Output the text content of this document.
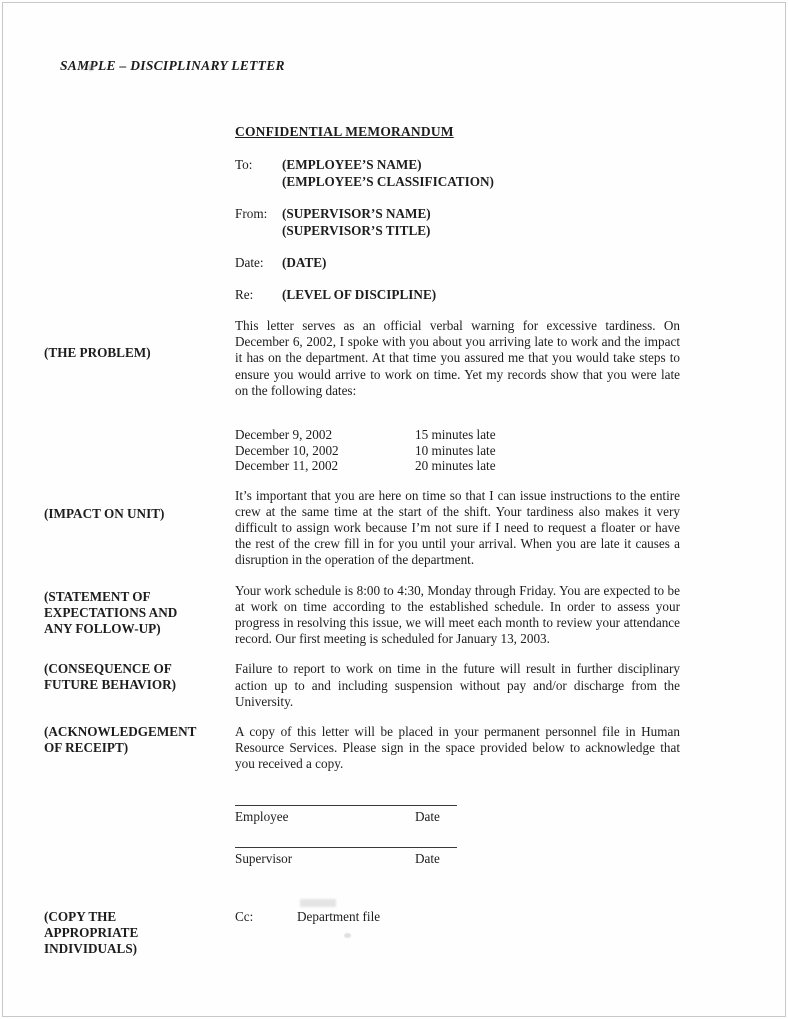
SAMPLE – DISCIPLINARY LETTER
CONFIDENTIAL MEMORANDUM
To:	(EMPLOYEE’S NAME)
(EMPLOYEE’S CLASSIFICATION)
From:	(SUPERVISOR’S NAME)
(SUPERVISOR’S TITLE)
Date:	(DATE)
Re:	(LEVEL OF DISCIPLINE)
(THE PROBLEM)
This letter serves as an official verbal warning for excessive tardiness. On December 6, 2002, I spoke with you about you arriving late to work and the impact it has on the department. At that time you assured me that you would take steps to ensure you would arrive to work on time. Yet my records show that you were late on the following dates:
December 9, 2002	15 minutes late
December 10, 2002	10 minutes late
December 11, 2002	20 minutes late
(IMPACT ON UNIT)
It’s important that you are here on time so that I can issue instructions to the entire crew at the same time at the start of the shift. Your tardiness also makes it very difficult to assign work because I’m not sure if I need to request a floater or have the rest of the crew fill in for you until your arrival. When you are late it causes a disruption in the operation of the department.
(STATEMENT OF
EXPECTATIONS AND
ANY FOLLOW-UP)
Your work schedule is 8:00 to 4:30, Monday through Friday. You are expected to be at work on time according to the established schedule. In order to assess your progress in resolving this issue, we will meet each month to review your attendance record. Our first meeting is scheduled for January 13, 2003.
(CONSEQUENCE OF
FUTURE BEHAVIOR)
Failure to report to work on time in the future will result in further disciplinary action up to and including suspension without pay and/or discharge from the University.
(ACKNOWLEDGEMENT
OF RECEIPT)
A copy of this letter will be placed in your permanent personnel file in Human Resource Services. Please sign in the space provided below to acknowledge that you received a copy.
Employee	Date
Supervisor	Date
(COPY THE
APPROPRIATE
INDIVIDUALS)
Cc:	Department file
